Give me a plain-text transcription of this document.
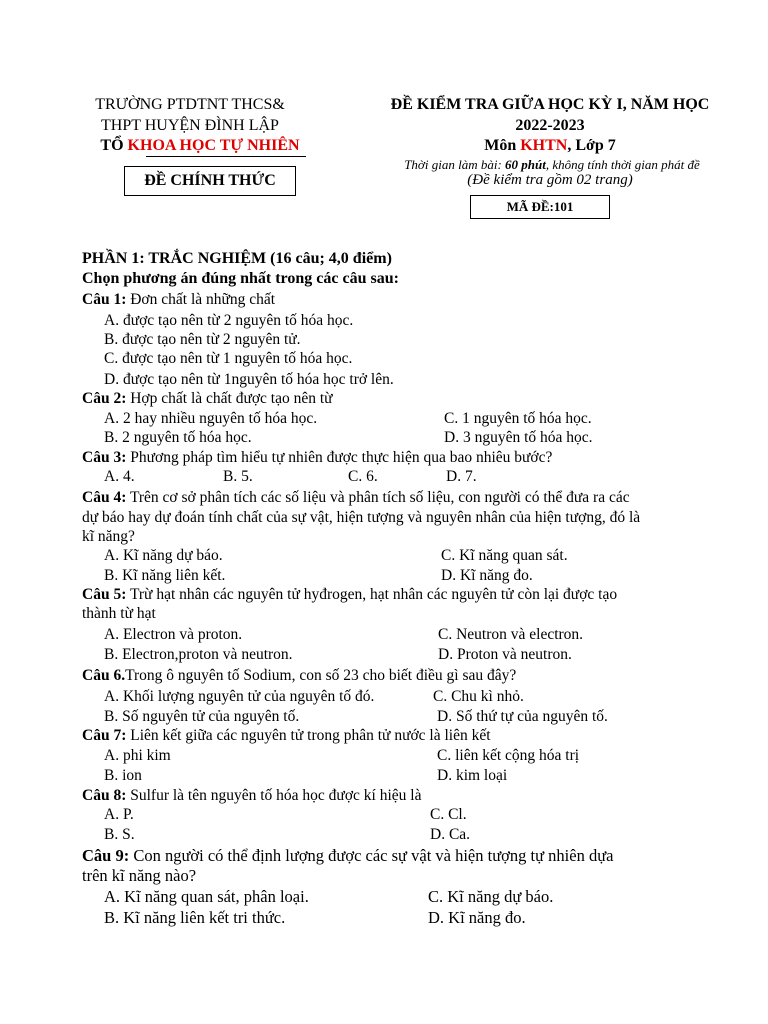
TRƯỜNG PTDTNT THCS&
THPT HUYỆN ĐÌNH LẬP
TỔ KHOA HỌC TỰ NHIÊN
ĐỀ CHÍNH THỨC
ĐỀ KIỂM TRA GIỮA HỌC KỲ I, NĂM HỌC
2022-2023
Môn KHTN, Lớp 7
Thời gian làm bài: 60 phút, không tính thời gian phát đề
(Đề kiểm tra gồm 02 trang)
MÃ ĐỀ:101
PHẦN 1: TRẮC NGHIỆM (16 câu; 4,0 điểm)
Chọn phương án đúng nhất trong các câu sau:
Câu 1: Đơn chất là những chất
A. được tạo nên từ 2 nguyên tố hóa học.
B. được tạo nên từ 2 nguyên tử.
C. được tạo nên từ 1 nguyên tố hóa học.
D. được tạo nên từ 1nguyên tố hóa học trở lên.
Câu 2: Hợp chất là chất được tạo nên từ
A. 2 hay nhiều nguyên tố hóa học.	C. 1 nguyên tố hóa học.
B. 2 nguyên tố hóa học.	D. 3 nguyên tố hóa học.
Câu 3: Phương pháp tìm hiểu tự nhiên được thực hiện qua bao nhiêu bước?
A. 4.	B. 5.	C. 6.	D. 7.
Câu 4: Trên cơ sở phân tích các số liệu và phân tích số liệu, con người có thể đưa ra các
dự báo hay dự đoán tính chất của sự vật, hiện tượng và nguyên nhân của hiện tượng, đó là
kĩ năng?
A. Kĩ năng dự báo.	C. Kĩ năng quan sát.
B. Kĩ năng liên kết.	D. Kĩ năng đo.
Câu 5: Trừ hạt nhân các nguyên tử hyđrogen, hạt nhân các nguyên tử còn lại được tạo
thành từ hạt
A. Electron và proton.	C. Neutron và electron.
B. Electron,proton và neutron.	D. Proton và neutron.
Câu 6.Trong ô nguyên tố Sodium, con số 23 cho biết điều gì sau đây?
A. Khối lượng nguyên tử của nguyên tố đó.	C. Chu kì nhỏ.
B. Số nguyên tử của nguyên tố.	D. Số thứ tự của nguyên tố.
Câu 7: Liên kết giữa các nguyên tử trong phân tử nước là liên kết
A. phi kim	C. liên kết cộng hóa trị
B. ion	D. kim loại
Câu 8: Sulfur là tên nguyên tố hóa học được kí hiệu là
A. P.	C. Cl.
B. S.	D. Ca.
Câu 9: Con người có thể định lượng được các sự vật và hiện tượng tự nhiên dựa
trên kĩ năng nào?
A. Kĩ năng quan sát, phân loại.	C. Kĩ năng dự báo.
B. Kĩ năng liên kết tri thức.	D. Kĩ năng đo.
